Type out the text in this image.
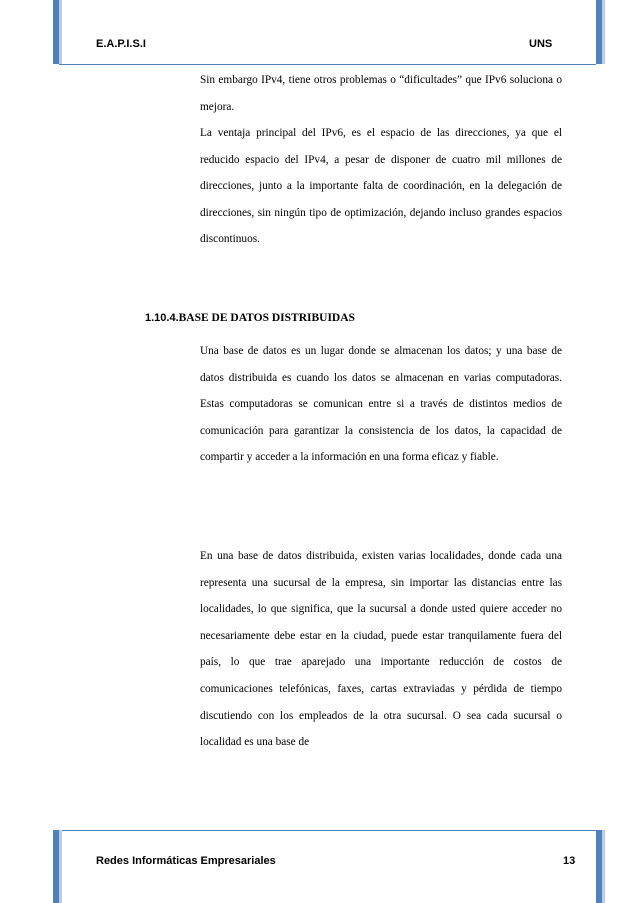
E.A.P.I.S.I	UNS
Sin embargo IPv4, tiene otros problemas o “dificultades” que IPv6 soluciona o mejora.
La ventaja principal del IPv6, es el espacio de las direcciones, ya que el reducido espacio del IPv4, a pesar de disponer de cuatro mil millones de direcciones, junto a la importante falta de coordinación, en la delegación de direcciones, sin ningún tipo de optimización, dejando incluso grandes espacios discontinuos.
1.10.4.BASE DE DATOS DISTRIBUIDAS
Una base de datos es un lugar donde se almacenan los datos; y una base de datos distribuida es cuando los datos se almacenan en varias computadoras. Estas computadoras se comunican entre si a través de distintos medios de comunicación para garantizar la consistencia de los datos, la capacidad de compartir y acceder a la información en una forma eficaz y fiable.
En una base de datos distribuida, existen varias localidades, donde cada una representa una sucursal de la empresa, sin importar las distancias entre las localidades, lo que significa, que la sucursal a donde usted quiere acceder no necesariamente debe estar en la ciudad, puede estar tranquilamente fuera del país, lo que trae aparejado una importante reducción de costos de comunicaciones telefónicas, faxes, cartas extraviadas y pérdida de tiempo discutiendo con los empleados de la otra sucursal. O sea cada sucursal o localidad es una base de
Redes Informáticas Empresariales	13
